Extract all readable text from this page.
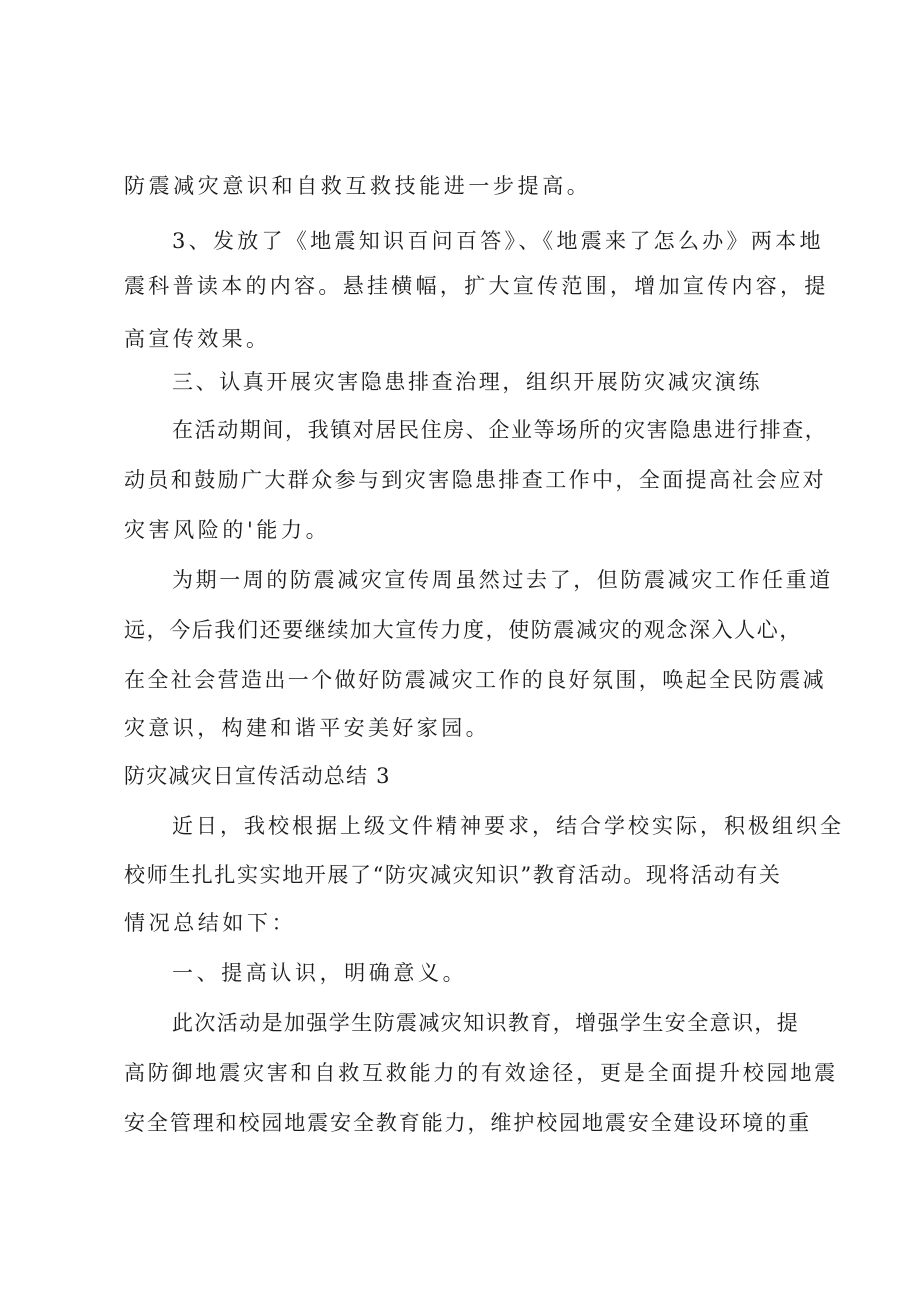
防震减灾意识和自救互救技能进一步提高。

3、发放了《地震知识百问百答》、《地震来了怎么办》两本地

震科普读本的内容。悬挂横幅，扩大宣传范围，增加宣传内容，提

高宣传效果。

三、认真开展灾害隐患排查治理，组织开展防灾减灾演练

在活动期间，我镇对居民住房、企业等场所的灾害隐患进行排查，

动员和鼓励广大群众参与到灾害隐患排查工作中，全面提高社会应对

灾害风险的'能力。

为期一周的防震减灾宣传周虽然过去了，但防震减灾工作任重道

远，今后我们还要继续加大宣传力度，使防震减灾的观念深入人心，

在全社会营造出一个做好防震减灾工作的良好氛围，唤起全民防震减

灾意识，构建和谐平安美好家园。

防灾减灾日宣传活动总结 3

近日，我校根据上级文件精神要求，结合学校实际，积极组织全

校师生扎扎实实地开展了“防灾减灾知识”教育活动。现将活动有关

情况总结如下：

一、提高认识，明确意义。

此次活动是加强学生防震减灾知识教育，增强学生安全意识，提

高防御地震灾害和自救互救能力的有效途径，更是全面提升校园地震

安全管理和校园地震安全教育能力，维护校园地震安全建设环境的重
